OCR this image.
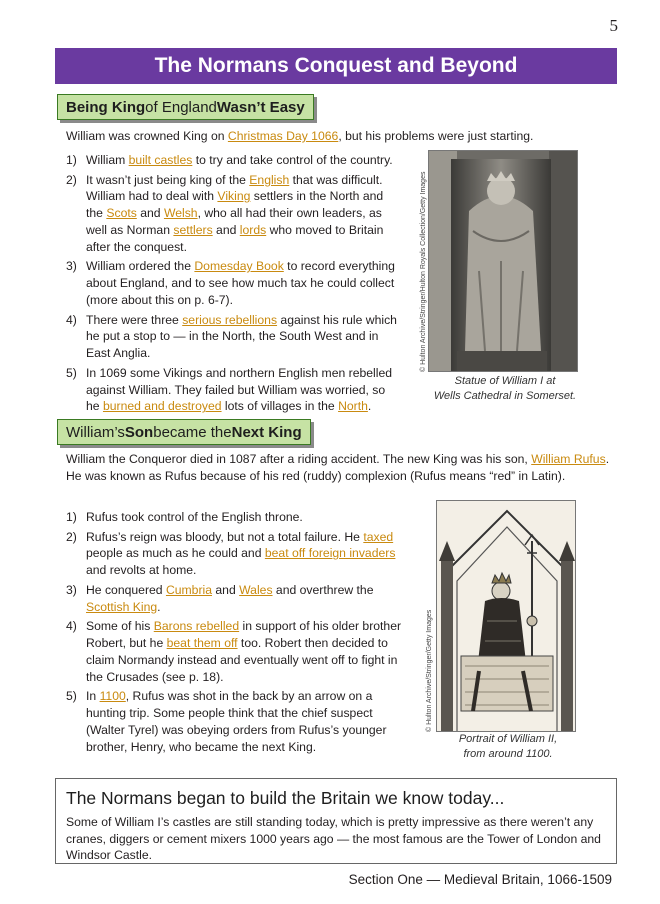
5
The Normans Conquest and Beyond
Being King of England Wasn’t Easy
William was crowned King on Christmas Day 1066, but his problems were just starting.
1) William built castles to try and take control of the country.
2) It wasn’t just being king of the English that was difficult. William had to deal with Viking settlers in the North and the Scots and Welsh, who all had their own leaders, as well as Norman settlers and lords who moved to Britain after the conquest.
3) William ordered the Domesday Book to record everything about England, and to see how much tax he could collect (more about this on p. 6-7).
4) There were three serious rebellions against his rule which he put a stop to — in the North, the South West and in East Anglia.
5) In 1069 some Vikings and northern English men rebelled against William. They failed but William was worried, so he burned and destroyed lots of villages in the North.
© Hulton Archive/Stringer/Hulton Royals Collection/Getty Images
Statue of William I at
Wells Cathedral in Somerset.
William’s Son became the Next King
William the Conqueror died in 1087 after a riding accident. The new King was his son, William Rufus. He was known as Rufus because of his red (ruddy) complexion (Rufus means “red” in Latin).
1) Rufus took control of the English throne.
2) Rufus’s reign was bloody, but not a total failure. He taxed people as much as he could and beat off foreign invaders and revolts at home.
3) He conquered Cumbria and Wales and overthrew the Scottish King.
4) Some of his Barons rebelled in support of his older brother Robert, but he beat them off too. Robert then decided to claim Normandy instead and eventually went off to fight in the Crusades (see p. 18).
5) In 1100, Rufus was shot in the back by an arrow on a hunting trip. Some people think that the chief suspect (Walter Tyrel) was obeying orders from Rufus’s younger brother, Henry, who became the next King.
© Hulton Archive/Stringer/Getty Images
Portrait of William II,
from around 1100.
The Normans began to build the Britain we know today...
Some of William I’s castles are still standing today, which is pretty impressive as there weren’t any cranes, diggers or cement mixers 1000 years ago — the most famous are the Tower of London and Windsor Castle.
Section One — Medieval Britain, 1066-1509
